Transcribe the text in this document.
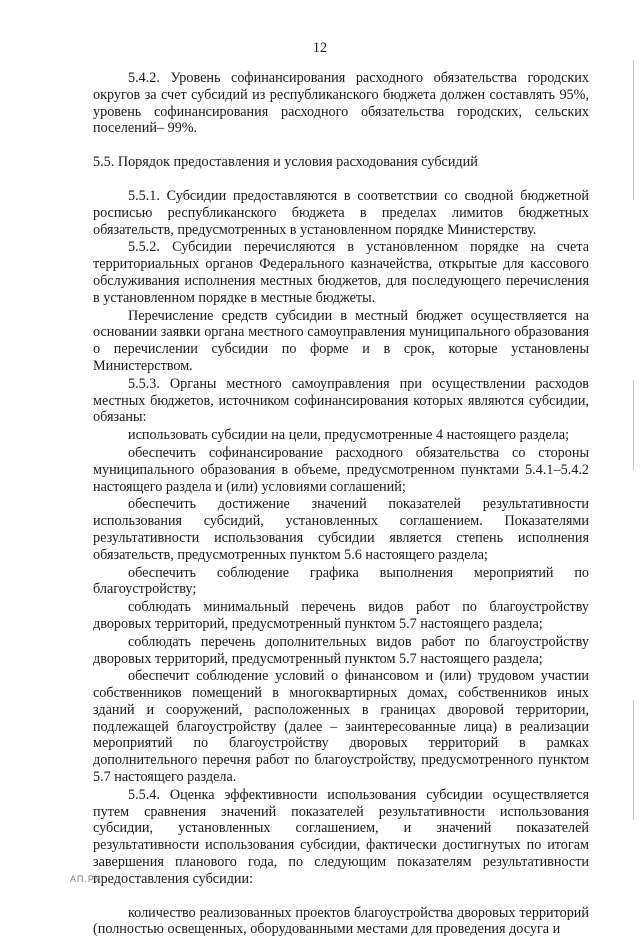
12

5.4.2. Уровень софинансирования расходного обязательства городских округов за счет субсидий из республиканского бюджета должен составлять 95%, уровень софинансирования расходного обязательства городских, сельских поселений– 99%.

5.5. Порядок предоставления и условия расходования субсидий

5.5.1. Субсидии предоставляются в соответствии со сводной бюджетной росписью республиканского бюджета в пределах лимитов бюджетных обязательств, предусмотренных в установленном порядке Министерству.

5.5.2. Субсидии перечисляются в установленном порядке на счета территориальных органов Федерального казначейства, открытые для кассового обслуживания исполнения местных бюджетов, для последующего перечисления в установленном порядке в местные бюджеты.

Перечисление средств субсидии в местный бюджет осуществляется на основании заявки органа местного самоуправления муниципального образования о перечислении субсидии по форме и в срок, которые установлены Министерством.

5.5.3. Органы местного самоуправления при осуществлении расходов местных бюджетов, источником софинансирования которых являются субсидии, обязаны:

использовать субсидии на цели, предусмотренные 4 настоящего раздела;

обеспечить софинансирование расходного обязательства со стороны муниципального образования в объеме, предусмотренном пунктами 5.4.1–5.4.2 настоящего раздела и (или) условиями соглашений;

обеспечить достижение значений показателей результативности использования субсидий, установленных соглашением. Показателями результативности использования субсидии является степень исполнения обязательств, предусмотренных пунктом 5.6 настоящего раздела;

обеспечить соблюдение графика выполнения мероприятий по благоустройству;

соблюдать минимальный перечень видов работ по благоустройству дворовых территорий, предусмотренный пунктом 5.7 настоящего раздела;

соблюдать перечень дополнительных видов работ по благоустройству дворовых территорий, предусмотренный пунктом 5.7 настоящего раздела;

обеспечит соблюдение условий о финансовом и (или) трудовом участии собственников помещений в многоквартирных домах, собственников иных зданий и сооружений, расположенных в границах дворовой территории, подлежащей благоустройству (далее – заинтересованные лица) в реализации мероприятий по благоустройству дворовых территорий в рамках дополнительного перечня работ по благоустройству, предусмотренного пунктом 5.7 настоящего раздела.

5.5.4. Оценка эффективности использования субсидии осуществляется путем сравнения значений показателей результативности использования субсидии, установленных соглашением, и значений показателей результативности использования субсидии, фактически достигнутых по итогам завершения планового года, по следующим показателям результативности предоставления субсидии:

количество реализованных проектов благоустройства дворовых территорий (полностью освещенных, оборудованными местами для проведения досуга и

АП.РУ
